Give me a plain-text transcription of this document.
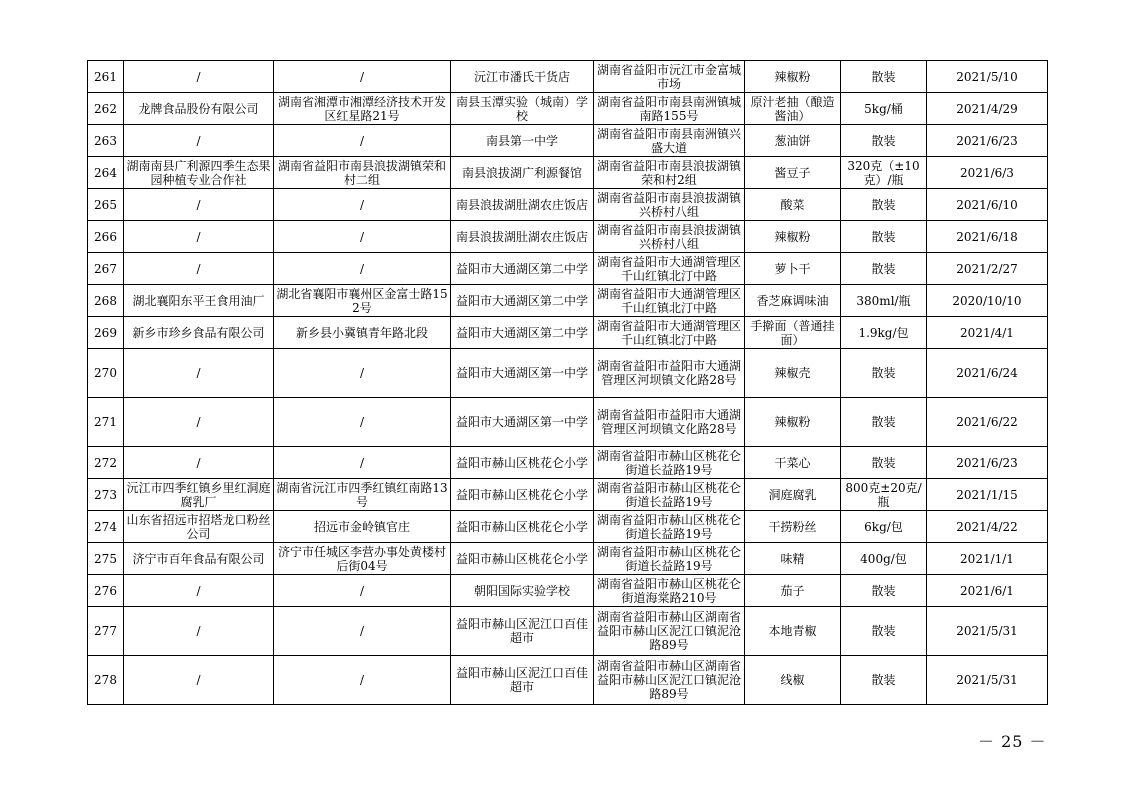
261	/	/	沅江市潘氏干货店	湖南省益阳市沅江市金富城市场	辣椒粉	散装	2021/5/10
262	龙牌食品股份有限公司	湖南省湘潭市湘潭经济技术开发区红星路21号	南县玉潭实验（城南）学校	湖南省益阳市南县南洲镇城南路155号	原汁老抽（酿造酱油）	5kg/桶	2021/4/29
263	/	/	南县第一中学	湖南省益阳市南县南洲镇兴盛大道	葱油饼	散装	2021/6/23
264	湖南南县广利源四季生态果园种植专业合作社	湖南省益阳市南县浪拔湖镇荣和村二组	南县浪拔湖广利源餐馆	湖南省益阳市南县浪拔湖镇荣和村2组	酱豆子	320克（±10克）/瓶	2021/6/3
265	/	/	南县浪拔湖肚湖农庄饭店	湖南省益阳市南县浪拔湖镇兴桥村八组	酸菜	散装	2021/6/10
266	/	/	南县浪拔湖肚湖农庄饭店	湖南省益阳市南县浪拔湖镇兴桥村八组	辣椒粉	散装	2021/6/18
267	/	/	益阳市大通湖区第二中学	湖南省益阳市大通湖管理区千山红镇北汀中路	萝卜干	散装	2021/2/27
268	湖北襄阳东平王食用油厂	湖北省襄阳市襄州区金富士路152号	益阳市大通湖区第二中学	湖南省益阳市大通湖管理区千山红镇北汀中路	香芝麻调味油	380ml/瓶	2020/10/10
269	新乡市珍乡食品有限公司	新乡县小冀镇青年路北段	益阳市大通湖区第二中学	湖南省益阳市大通湖管理区千山红镇北汀中路	手擀面（普通挂面）	1.9kg/包	2021/4/1
270	/	/	益阳市大通湖区第一中学	湖南省益阳市益阳市大通湖管理区河坝镇文化路28号	辣椒壳	散装	2021/6/24
271	/	/	益阳市大通湖区第一中学	湖南省益阳市益阳市大通湖管理区河坝镇文化路28号	辣椒粉	散装	2021/6/22
272	/	/	益阳市赫山区桃花仑小学	湖南省益阳市赫山区桃花仑街道长益路19号	干菜心	散装	2021/6/23
273	沅江市四季红镇乡里红洞庭腐乳厂	湖南省沅江市四季红镇红南路13号	益阳市赫山区桃花仑小学	湖南省益阳市赫山区桃花仑街道长益路19号	洞庭腐乳	800克±20克/瓶	2021/1/15
274	山东省招远市招塔龙口粉丝公司	招远市金岭镇官庄	益阳市赫山区桃花仑小学	湖南省益阳市赫山区桃花仑街道长益路19号	干捞粉丝	6kg/包	2021/4/22
275	济宁市百年食品有限公司	济宁市任城区李营办事处黄楼村后街04号	益阳市赫山区桃花仑小学	湖南省益阳市赫山区桃花仑街道长益路19号	味精	400g/包	2021/1/1
276	/	/	朝阳国际实验学校	湖南省益阳市赫山区桃花仑街道海棠路210号	茄子	散装	2021/6/1
277	/	/	益阳市赫山区泥江口百佳超市	湖南省益阳市赫山区湖南省益阳市赫山区泥江口镇泥沧路89号	本地青椒	散装	2021/5/31
278	/	/	益阳市赫山区泥江口百佳超市	湖南省益阳市赫山区湖南省益阳市赫山区泥江口镇泥沧路89号	线椒	散装	2021/5/31
－ 25 －
